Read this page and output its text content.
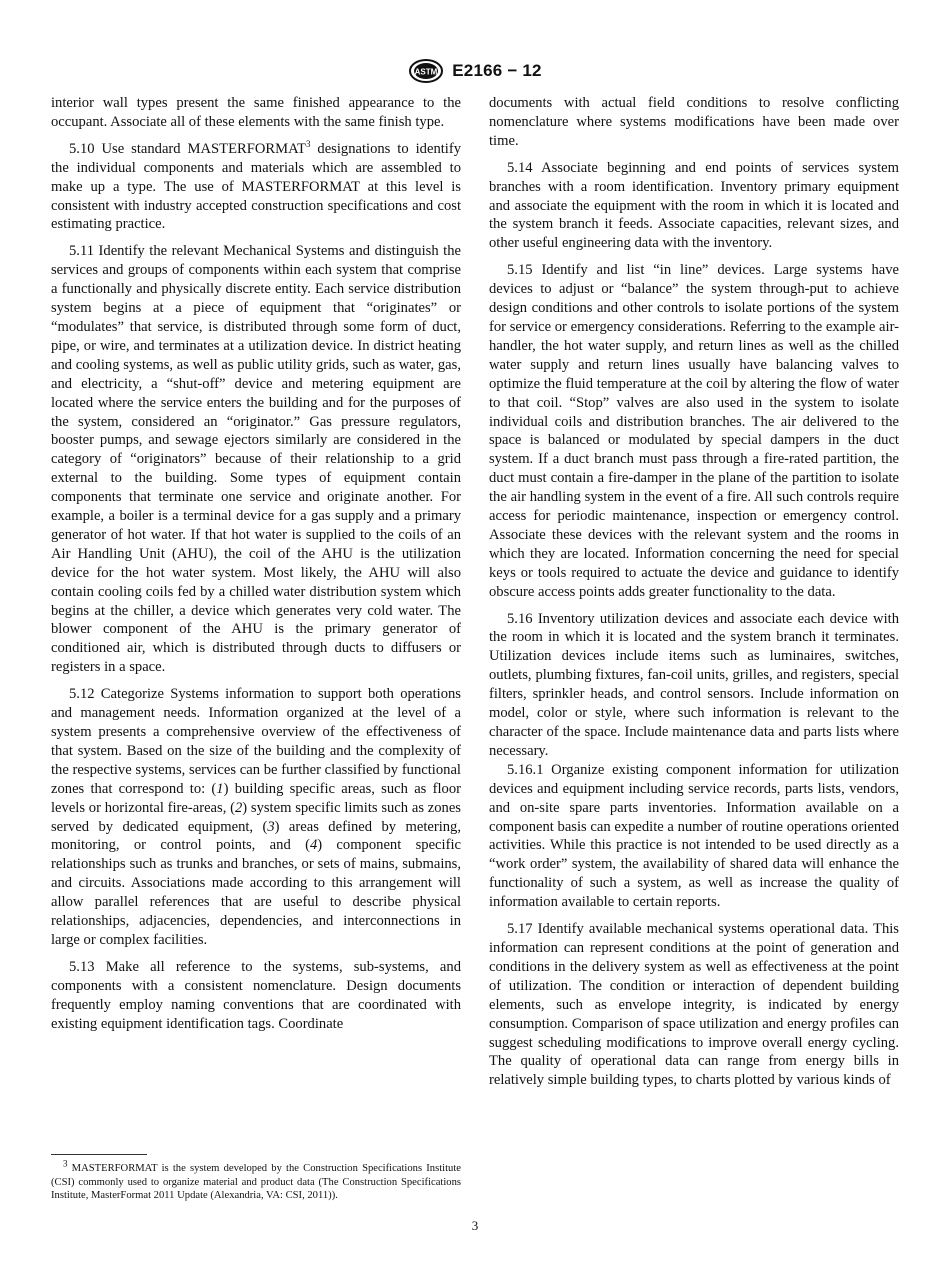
ASTM E2166 − 12

interior wall types present the same finished appearance to the occupant. Associate all of these elements with the same finish type.

5.10 Use standard MASTERFORMAT$^3$ designations to identify the individual components and materials which are assembled to make up a type. The use of MASTERFORMAT at this level is consistent with industry accepted construction specifications and cost estimating practice.

5.11 Identify the relevant Mechanical Systems and distinguish the services and groups of components within each system that comprise a functionally and physically discrete entity. Each service distribution system begins at a piece of equipment that “originates” or “modulates” that service, is distributed through some form of duct, pipe, or wire, and terminates at a utilization device. In district heating and cooling systems, as well as public utility grids, such as water, gas, and electricity, a “shut-off” device and metering equipment are located where the service enters the building and for the purposes of the system, considered an “originator.” Gas pressure regulators, booster pumps, and sewage ejectors similarly are considered in the category of “originators” because of their relationship to a grid external to the building. Some types of equipment contain components that terminate one service and originate another. For example, a boiler is a terminal device for a gas supply and a primary generator of hot water. If that hot water is supplied to the coils of an Air Handling Unit (AHU), the coil of the AHU is the utilization device for the hot water system. Most likely, the AHU will also contain cooling coils fed by a chilled water distribution system which begins at the chiller, a device which generates very cold water. The blower component of the AHU is the primary generator of conditioned air, which is distributed through ducts to diffusers or registers in a space.

5.12 Categorize Systems information to support both operations and management needs. Information organized at the level of a system presents a comprehensive overview of the effectiveness of that system. Based on the size of the building and the complexity of the respective systems, services can be further classified by functional zones that correspond to: (1) building specific areas, such as floor levels or horizontal fire-areas, (2) system specific limits such as zones served by dedicated equipment, (3) areas defined by metering, monitoring, or control points, and (4) component specific relationships such as trunks and branches, or sets of mains, submains, and circuits. Associations made according to this arrangement will allow parallel references that are useful to describe physical relationships, adjacencies, dependencies, and interconnections in large or complex facilities.

5.13 Make all reference to the systems, sub-systems, and components with a consistent nomenclature. Design documents frequently employ naming conventions that are coordinated with existing equipment identification tags. Coordinate

documents with actual field conditions to resolve conflicting nomenclature where systems modifications have been made over time.

5.14 Associate beginning and end points of services system branches with a room identification. Inventory primary equipment and associate the equipment with the room in which it is located and the system branch it feeds. Associate capacities, relevant sizes, and other useful engineering data with the inventory.

5.15 Identify and list “in line” devices. Large systems have devices to adjust or “balance” the system through-put to achieve design conditions and other controls to isolate portions of the system for service or emergency considerations. Referring to the example air-handler, the hot water supply, and return lines as well as the chilled water supply and return lines usually have balancing valves to optimize the fluid temperature at the coil by altering the flow of water to that coil. “Stop” valves are also used in the system to isolate individual coils and distribution branches. The air delivered to the space is balanced or modulated by special dampers in the duct system. If a duct branch must pass through a fire-rated partition, the duct must contain a fire-damper in the plane of the partition to isolate the air handling system in the event of a fire. All such controls require access for periodic maintenance, inspection or emergency control. Associate these devices with the relevant system and the rooms in which they are located. Information concerning the need for special keys or tools required to actuate the device and guidance to identify obscure access points adds greater functionality to the data.

5.16 Inventory utilization devices and associate each device with the room in which it is located and the system branch it terminates. Utilization devices include items such as luminaires, switches, outlets, plumbing fixtures, fan-coil units, grilles, and registers, special filters, sprinkler heads, and control sensors. Include information on model, color or style, where such information is relevant to the character of the space. Include maintenance data and parts lists where necessary.

5.16.1 Organize existing component information for utilization devices and equipment including service records, parts lists, vendors, and on-site spare parts inventories. Information available on a component basis can expedite a number of routine operations oriented activities. While this practice is not intended to be used directly as a “work order” system, the availability of shared data will enhance the functionality of such a system, as well as increase the quality of information available to certain reports.

5.17 Identify available mechanical systems operational data. This information can represent conditions at the point of generation and conditions in the delivery system as well as effectiveness at the point of utilization. The condition or interaction of dependent building elements, such as envelope integrity, is indicated by energy consumption. Comparison of space utilization and energy profiles can suggest scheduling modifications to improve overall energy cycling. The quality of operational data can range from energy bills in relatively simple building types, to charts plotted by various kinds of

$^3$ MASTERFORMAT is the system developed by the Construction Specifications Institute (CSI) commonly used to organize material and product data (The Construction Specifications Institute, MasterFormat 2011 Update (Alexandria, VA: CSI, 2011)).
3
